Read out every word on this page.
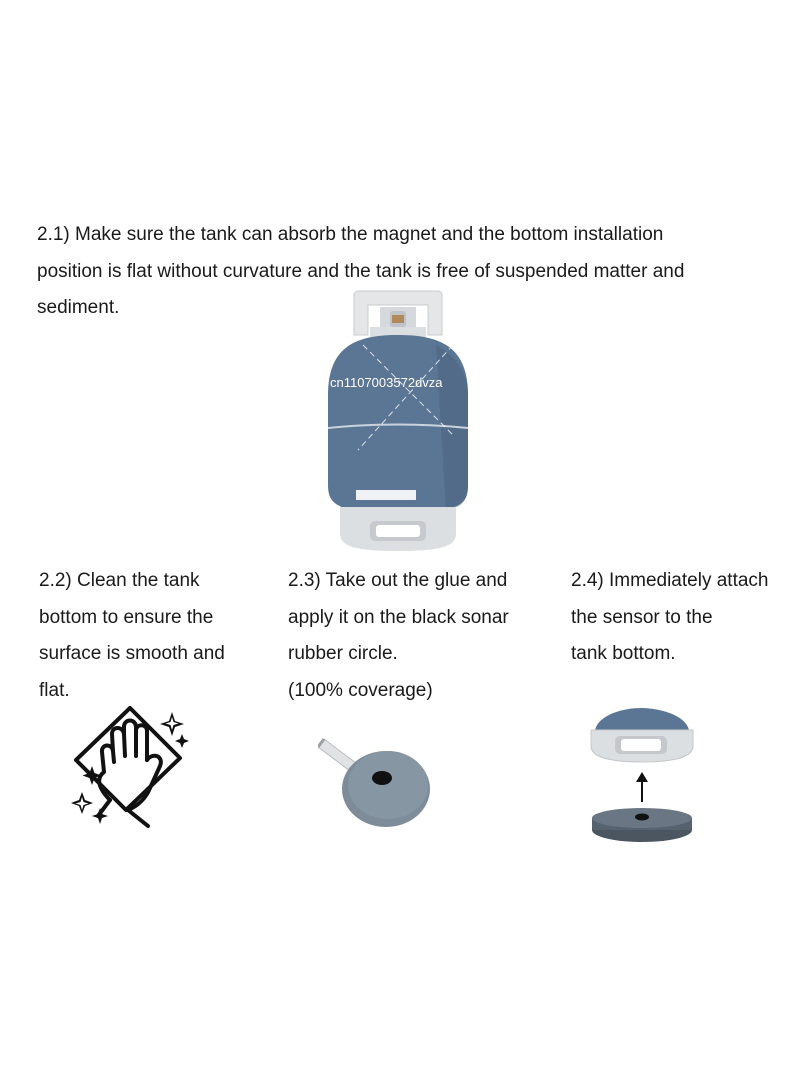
2.1) Make sure the tank can absorb the magnet and the bottom installation

position is flat without curvature and the tank is free of suspended matter and

sediment.

cn1107003572dvza

2.2) Clean the tank

bottom to ensure the

surface is smooth and

flat.

2.3) Take out the glue and

apply it on the black sonar

rubber circle.

(100% coverage)

2.4) Immediately attach

the sensor to the

tank bottom.
